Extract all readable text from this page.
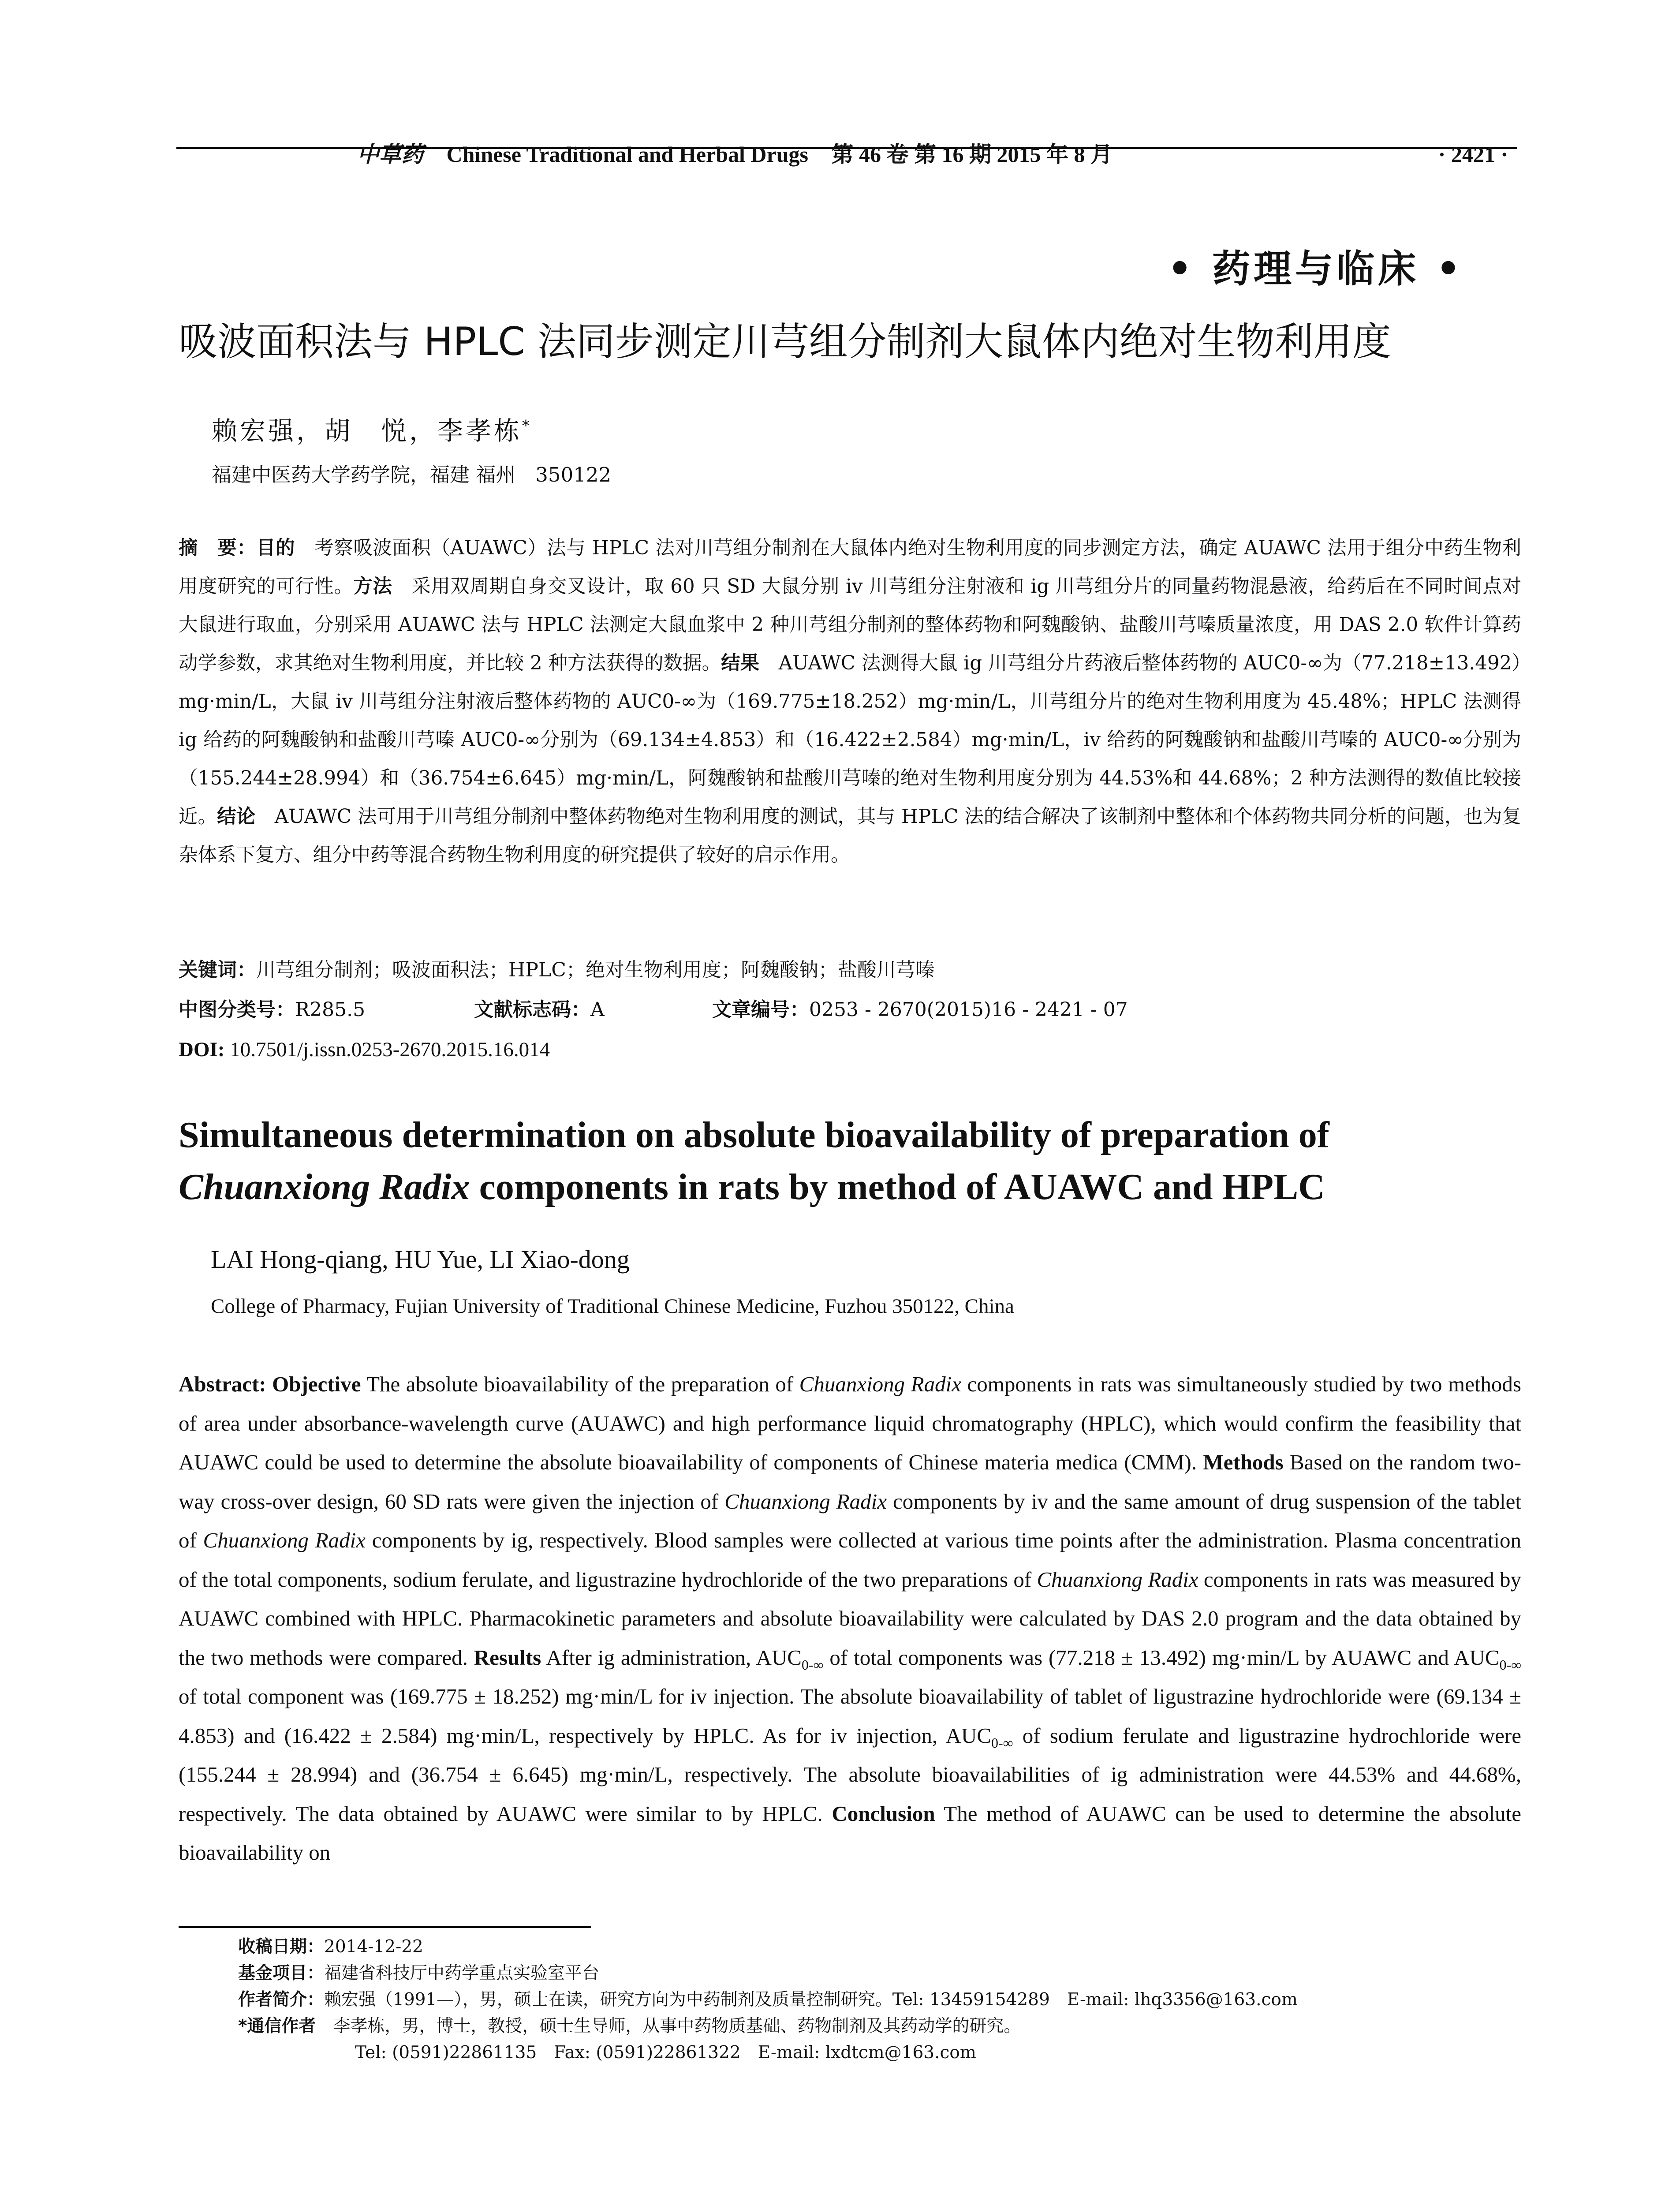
中草药 Chinese Traditional and Herbal Drugs 第 46 卷 第 16 期 2015 年 8 月	· 2421 ·
• 药理与临床 •
吸波面积法与 HPLC 法同步测定川芎组分制剂大鼠体内绝对生物利用度
赖宏强，胡　悦，李孝栋*
福建中医药大学药学院，福建 福州　350122

摘　要：目的　考察吸波面积（AUAWC）法与 HPLC 法对川芎组分制剂在大鼠体内绝对生物利用度的同步测定方法，确定 AUAWC 法用于组分中药生物利用度研究的可行性。方法　采用双周期自身交叉设计，取 60 只 SD 大鼠分别 iv 川芎组分注射液和 ig 川芎组分片的同量药物混悬液，给药后在不同时间点对大鼠进行取血，分别采用 AUAWC 法与 HPLC 法测定大鼠血浆中 2 种川芎组分制剂的整体药物和阿魏酸钠、盐酸川芎嗪质量浓度，用 DAS 2.0 软件计算药动学参数，求其绝对生物利用度，并比较 2 种方法获得的数据。结果　AUAWC 法测得大鼠 ig 川芎组分片药液后整体药物的 AUC0-∞为（77.218±13.492）mg·min/L，大鼠 iv 川芎组分注射液后整体药物的 AUC0-∞为（169.775±18.252）mg·min/L，川芎组分片的绝对生物利用度为 45.48%；HPLC 法测得 ig 给药的阿魏酸钠和盐酸川芎嗪 AUC0-∞分别为（69.134±4.853）和（16.422±2.584）mg·min/L，iv 给药的阿魏酸钠和盐酸川芎嗪的 AUC0-∞分别为（155.244±28.994）和（36.754±6.645）mg·min/L，阿魏酸钠和盐酸川芎嗪的绝对生物利用度分别为 44.53%和 44.68%；2 种方法测得的数值比较接近。结论　AUAWC 法可用于川芎组分制剂中整体药物绝对生物利用度的测试，其与 HPLC 法的结合解决了该制剂中整体和个体药物共同分析的问题，也为复杂体系下复方、组分中药等混合药物生物利用度的研究提供了较好的启示作用。

关键词：川芎组分制剂；吸波面积法；HPLC；绝对生物利用度；阿魏酸钠；盐酸川芎嗪

中图分类号：R285.5	文献标志码：A	文章编号：0253 - 2670(2015)16 - 2421 - 07

DOI: 10.7501/j.issn.0253-2670.2015.16.014

Simultaneous determination on absolute bioavailability of preparation of
Chuanxiong Radix components in rats by method of AUAWC and HPLC
LAI Hong-qiang, HU Yue, LI Xiao-dong
College of Pharmacy, Fujian University of Traditional Chinese Medicine, Fuzhou 350122, China

Abstract: Objective The absolute bioavailability of the preparation of Chuanxiong Radix components in rats was simultaneously studied by two methods of area under absorbance-wavelength curve (AUAWC) and high performance liquid chromatography (HPLC), which would confirm the feasibility that AUAWC could be used to determine the absolute bioavailability of components of Chinese materia medica (CMM). Methods Based on the random two-way cross-over design, 60 SD rats were given the injection of Chuanxiong Radix components by iv and the same amount of drug suspension of the tablet of Chuanxiong Radix components by ig, respectively. Blood samples were collected at various time points after the administration. Plasma concentration of the total components, sodium ferulate, and ligustrazine hydrochloride of the two preparations of Chuanxiong Radix components in rats was measured by AUAWC combined with HPLC. Pharmacokinetic parameters and absolute bioavailability were calculated by DAS 2.0 program and the data obtained by the two methods were compared. Results After ig administration, $AUC_{0-\infty}$ of total components was (77.218 ± 13.492) mg·min/L by AUAWC and $AUC_{0-\infty}$ of total component was (169.775 ± 18.252) mg·min/L for iv injection. The absolute bioavailability of tablet of ligustrazine hydrochloride were (69.134 ± 4.853) and (16.422 ± 2.584) mg·min/L, respectively by HPLC. As for iv injection, $AUC_{0-\infty}$ of sodium ferulate and ligustrazine hydrochloride were (155.244 ± 28.994) and (36.754 ± 6.645) mg·min/L, respectively. The absolute bioavailabilities of ig administration were 44.53% and 44.68%, respectively. The data obtained by AUAWC were similar to by HPLC. Conclusion The method of AUAWC can be used to determine the absolute bioavailability on

收稿日期：2014-12-22
基金项目：福建省科技厅中药学重点实验室平台
作者简介：赖宏强（1991—），男，硕士在读，研究方向为中药制剂及质量控制研究。Tel: 13459154289　E-mail: lhq3356@163.com
*通信作者　李孝栋，男，博士，教授，硕士生导师，从事中药物质基础、药物制剂及其药动学的研究。
Tel: (0591)22861135　Fax: (0591)22861322　E-mail: lxdtcm@163.com
